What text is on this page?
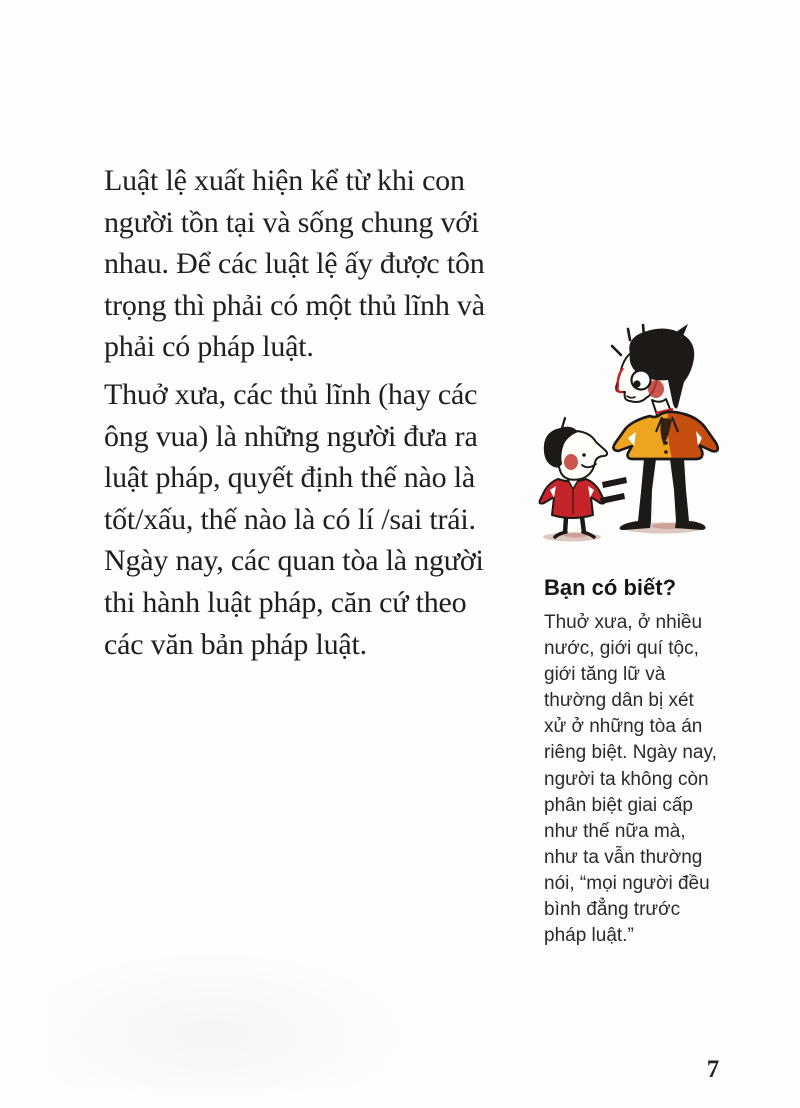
Luật lệ xuất hiện kể từ khi con
người tồn tại và sống chung với
nhau. Để các luật lệ ấy được tôn
trọng thì phải có một thủ lĩnh và
phải có pháp luật.
Thuở xưa, các thủ lĩnh (hay các
ông vua) là những người đưa ra
luật pháp, quyết định thế nào là
tốt/xấu, thế nào là có lí /sai trái.
Ngày nay, các quan tòa là người
thi hành luật pháp, căn cứ theo
các văn bản pháp luật.
Bạn có biết?
Thuở xưa, ở nhiều
nước, giới quí tộc,
giới tăng lữ và
thường dân bị xét
xử ở những tòa án
riêng biệt. Ngày nay,
người ta không còn
phân biệt giai cấp
như thế nữa mà,
như ta vẫn thường
nói, “mọi người đều
bình đẳng trước
pháp luật.”
7
